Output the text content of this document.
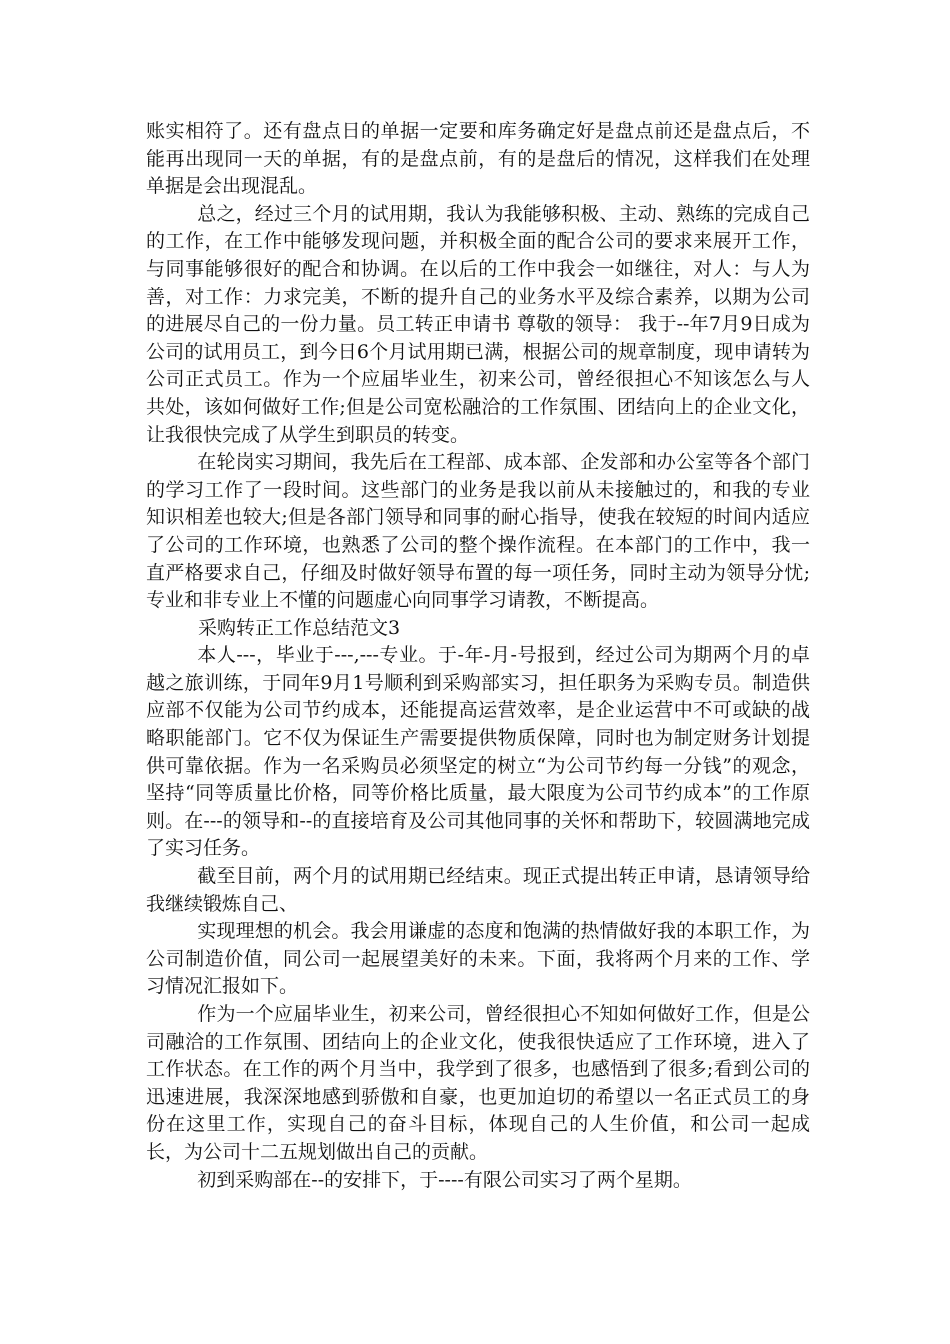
账实相符了。还有盘点日的单据一定要和库务确定好是盘点前还是盘点后，不能再出现同一天的单据，有的是盘点前，有的是盘后的情况，这样我们在处理单据是会出现混乱。

总之，经过三个月的试用期，我认为我能够积极、主动、熟练的完成自己的工作，在工作中能够发现问题，并积极全面的配合公司的要求来展开工作，与同事能够很好的配合和协调。在以后的工作中我会一如继往，对人：与人为善，对工作：力求完美，不断的提升自己的业务水平及综合素养，以期为公司的进展尽自己的一份力量。员工转正申请书 尊敬的领导： 我于--年7月9日成为公司的试用员工，到今日6个月试用期已满，根据公司的规章制度，现申请转为公司正式员工。作为一个应届毕业生，初来公司，曾经很担心不知该怎么与人共处，该如何做好工作;但是公司宽松融洽的工作氛围、团结向上的企业文化，让我很快完成了从学生到职员的转变。

在轮岗实习期间，我先后在工程部、成本部、企发部和办公室等各个部门的学习工作了一段时间。这些部门的业务是我以前从未接触过的，和我的专业知识相差也较大;但是各部门领导和同事的耐心指导，使我在较短的时间内适应了公司的工作环境，也熟悉了公司的整个操作流程。在本部门的工作中，我一直严格要求自己，仔细及时做好领导布置的每一项任务，同时主动为领导分忧;专业和非专业上不懂的问题虚心向同事学习请教，不断提高。

采购转正工作总结范文3

本人---，毕业于---,---专业。于-年-月-号报到，经过公司为期两个月的卓越之旅训练，于同年9月1号顺利到采购部实习，担任职务为采购专员。制造供应部不仅能为公司节约成本，还能提高运营效率，是企业运营中不可或缺的战略职能部门。它不仅为保证生产需要提供物质保障，同时也为制定财务计划提供可靠依据。作为一名采购员必须坚定的树立“为公司节约每一分钱”的观念，坚持“同等质量比价格，同等价格比质量，最大限度为公司节约成本”的工作原则。在---的领导和--的直接培育及公司其他同事的关怀和帮助下，较圆满地完成了实习任务。

截至目前，两个月的试用期已经结束。现正式提出转正申请，恳请领导给我继续锻炼自己、

实现理想的机会。我会用谦虚的态度和饱满的热情做好我的本职工作，为公司制造价值，同公司一起展望美好的未来。下面，我将两个月来的工作、学习情况汇报如下。

作为一个应届毕业生，初来公司，曾经很担心不知如何做好工作，但是公司融洽的工作氛围、团结向上的企业文化，使我很快适应了工作环境，进入了工作状态。在工作的两个月当中，我学到了很多，也感悟到了很多;看到公司的迅速进展，我深深地感到骄傲和自豪，也更加迫切的希望以一名正式员工的身份在这里工作，实现自己的奋斗目标，体现自己的人生价值，和公司一起成长，为公司十二五规划做出自己的贡献。

初到采购部在--的安排下，于----有限公司实习了两个星期。
